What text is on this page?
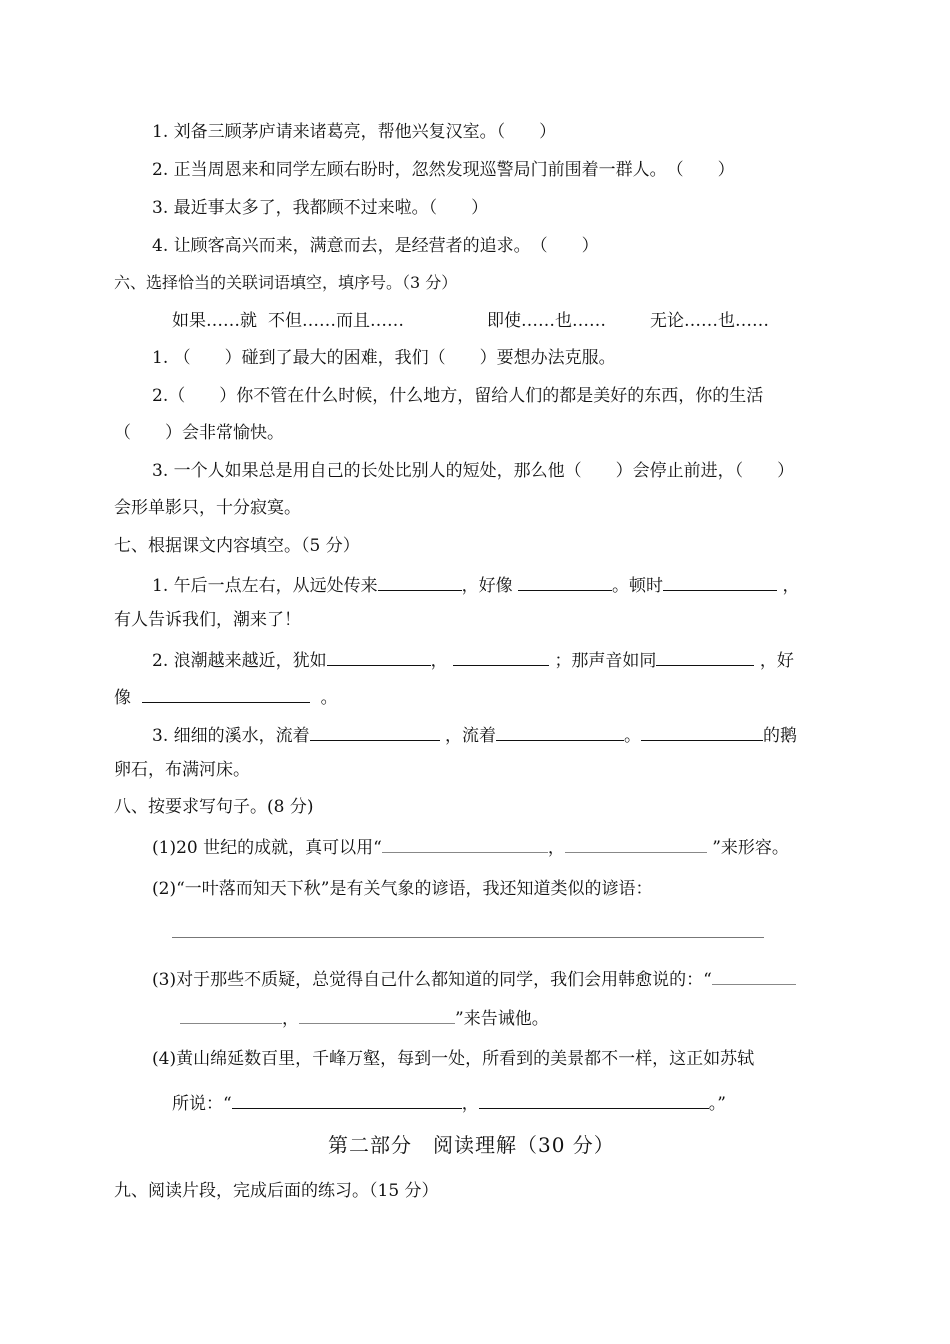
1. 刘备三顾茅庐请来诸葛亮，帮他兴复汉室。（　　）
2. 正当周恩来和同学左顾右盼时，忽然发现巡警局门前围着一群人。　（　　）
3. 最近事太多了，我都顾不过来啦。（　　）
4. 让顾客高兴而来，满意而去，是经营者的追求。　（　　）
六、选择恰当的关联词语填空，填序号。（3 分）
如果……就 不但……而且……	即使……也……	无论……也……
1. （　　）碰到了最大的困难，我们（　　）要想办法克服。
2.（　　）你不管在什么时候，什么地方，留给人们的都是美好的东西，你的生活
（　　）会非常愉快。
3. 一个人如果总是用自己的长处比别人的短处，那么他（　　）会停止前进，（　　）
会形单影只，十分寂寞。
七、根据课文内容填空。（5 分）
1. 午后一点左右，从远处传来	，好像	。顿时	，
有人告诉我们，潮来了！
2. 浪潮越来越近，犹如	，	；那声音如同	，好
像	。
3. 细细的溪水，流着	，流着	。	的鹅
卵石，布满河床。
八、按要求写句子。(8 分)
(1)20 世纪的成就，真可以用“	，	”来形容。
(2)“一叶落而知天下秋”是有关气象的谚语，我还知道类似的谚语：
(3)对于那些不质疑，总觉得自己什么都知道的同学，我们会用韩愈说的：“
，	”来告诫他。
(4)黄山绵延数百里，千峰万壑，每到一处，所看到的美景都不一样，这正如苏轼
所说：“	，	。”
第二部分　阅读理解（30 分）
九、阅读片段，完成后面的练习。（15 分）
